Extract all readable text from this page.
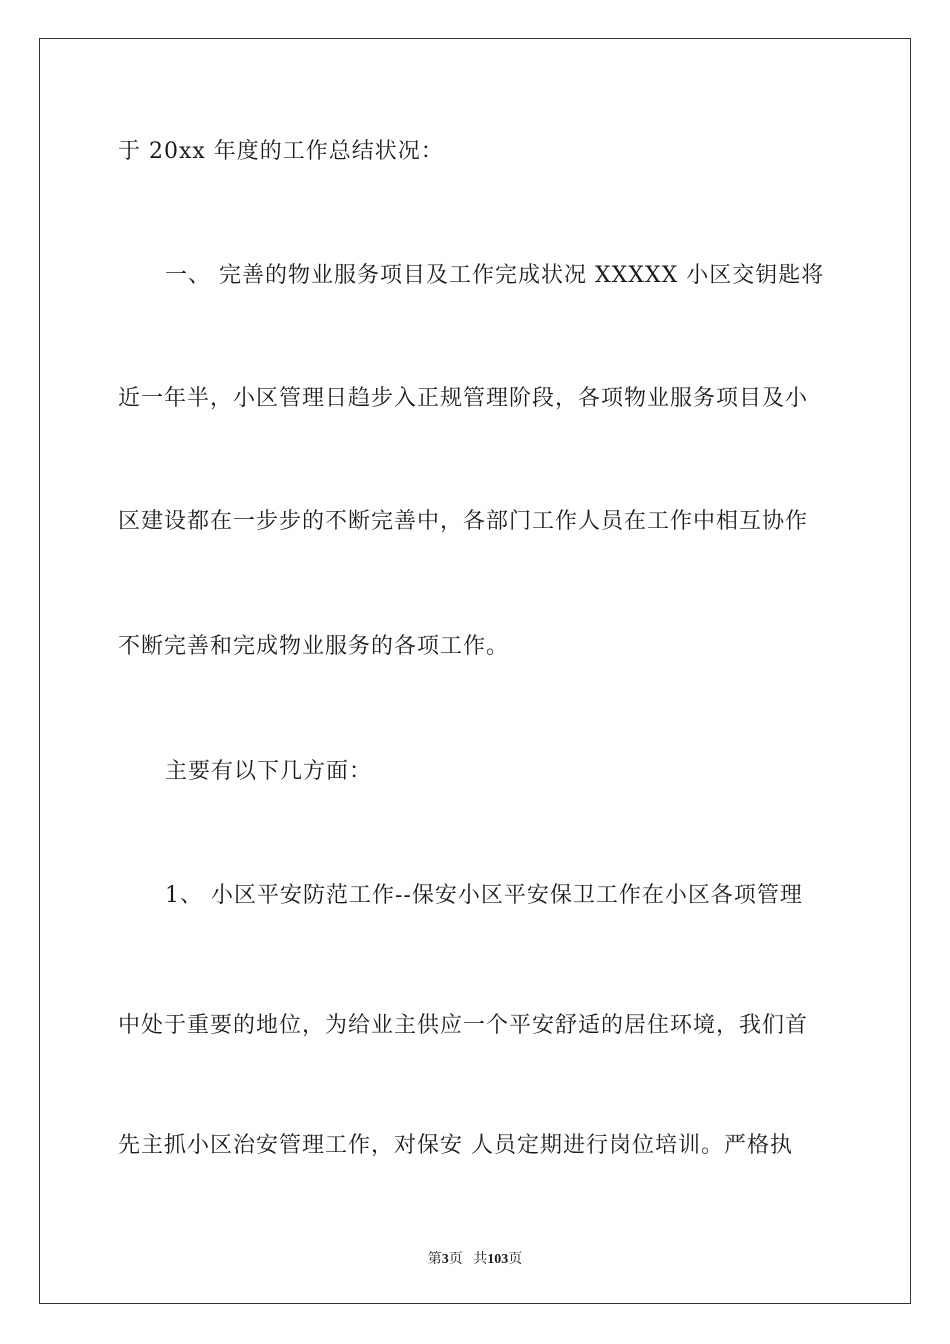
于 20xx 年度的工作总结状况：
一、 完善的物业服务项目及工作完成状况 XXXXX 小区交钥匙将
近一年半，小区管理日趋步入正规管理阶段，各项物业服务项目及小
区建设都在一步步的不断完善中，各部门工作人员在工作中相互协作
不断完善和完成物业服务的各项工作。
主要有以下几方面：
1、 小区平安防范工作--保安小区平安保卫工作在小区各项管理
中处于重要的地位，为给业主供应一个平安舒适的居住环境，我们首
先主抓小区治安管理工作，对保安 人员定期进行岗位培训。严格执
第3页   共103页
